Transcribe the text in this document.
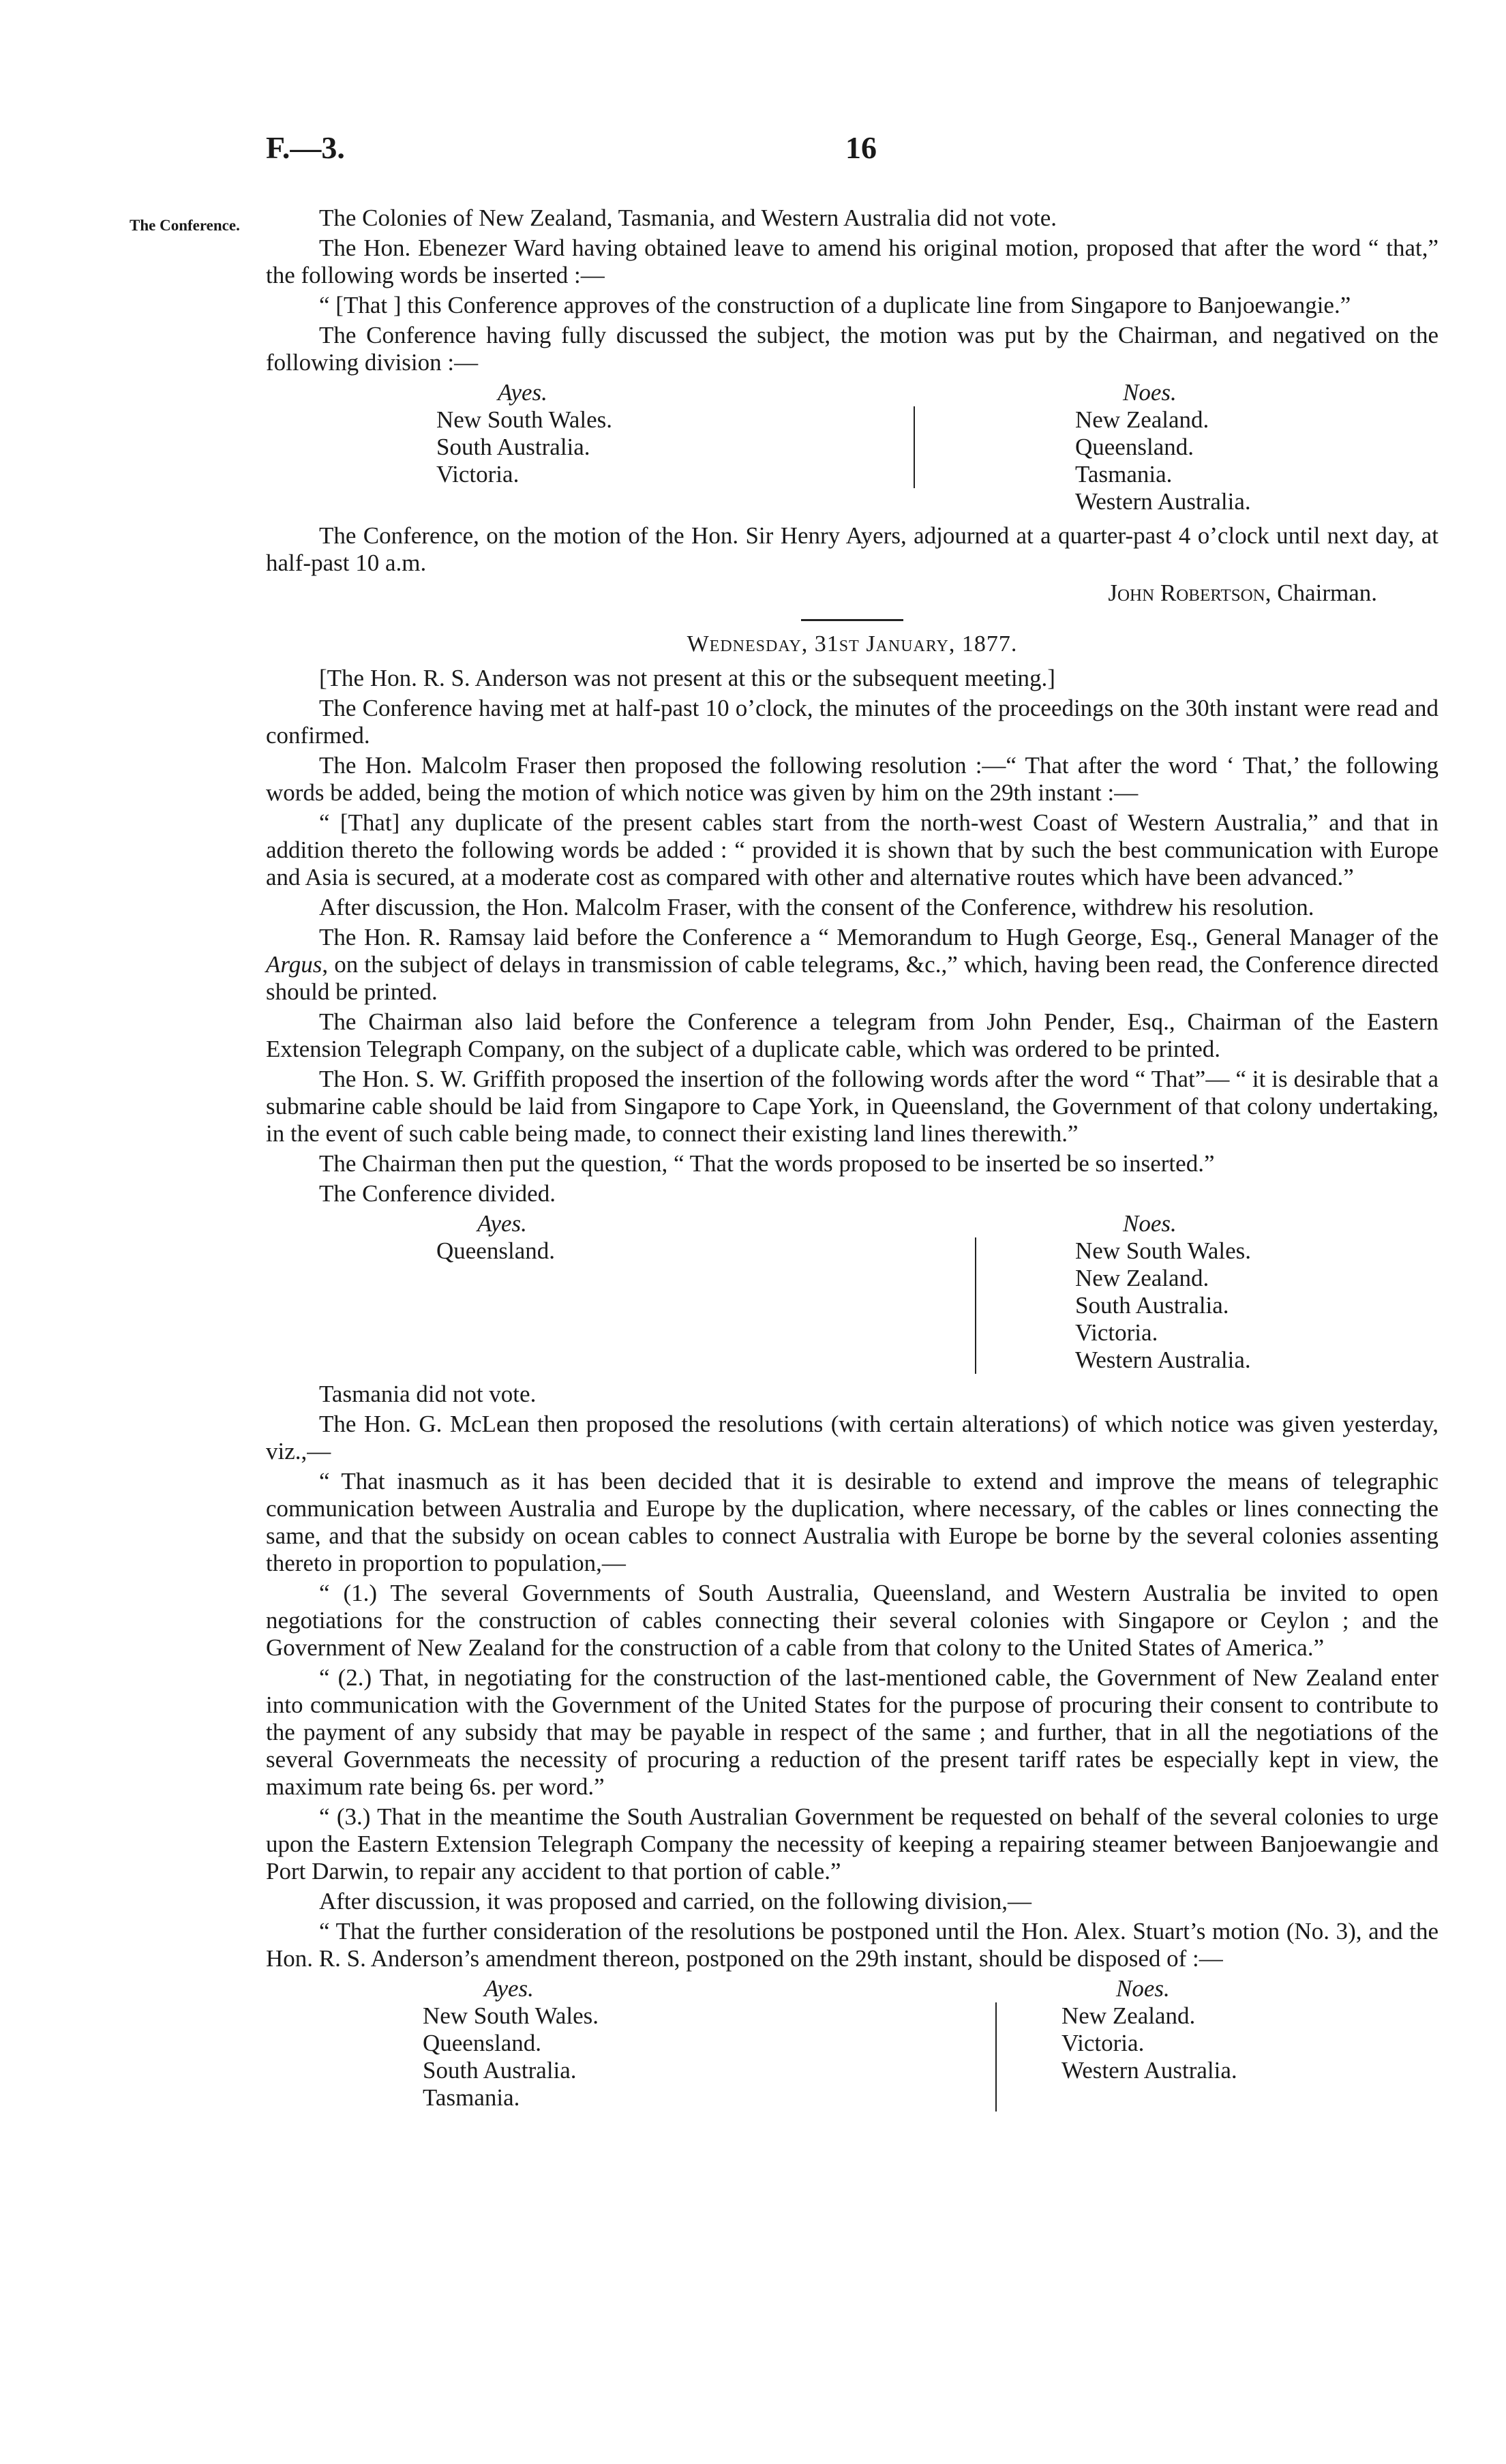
F.—3.	16
The Conference.	The Colonies of New Zealand, Tasmania, and Western Australia did not vote.

The Hon. Ebenezer Ward having obtained leave to amend his original motion, proposed that after the word “ that,” the following words be inserted :—

“ [That ] this Conference approves of the construction of a duplicate line from Singapore to Banjoewangie.”

The Conference having fully discussed the subject, the motion was put by the Chairman, and negatived on the following division :—

Ayes.
New South Wales.
South Australia.
Victoria.
Noes.
New Zealand.
Queensland.
Tasmania.
Western Australia.

The Conference, on the motion of the Hon. Sir Henry Ayers, adjourned at a quarter-past 4 o’clock until next day, at half-past 10 a.m.

John Robertson, Chairman.
Wednesday, 31st January, 1877.

[The Hon. R. S. Anderson was not present at this or the subsequent meeting.]

The Conference having met at half-past 10 o’clock, the minutes of the proceedings on the 30th instant were read and confirmed.

The Hon. Malcolm Fraser then proposed the following resolution :—“ That after the word ‘ That,’ the following words be added, being the motion of which notice was given by him on the 29th instant :—

“ [That] any duplicate of the present cables start from the north-west Coast of Western Australia,” and that in addition thereto the following words be added : “ provided it is shown that by such the best communication with Europe and Asia is secured, at a moderate cost as compared with other and alternative routes which have been advanced.”

After discussion, the Hon. Malcolm Fraser, with the consent of the Conference, withdrew his resolution.

The Hon. R. Ramsay laid before the Conference a “ Memorandum to Hugh George, Esq., General Manager of the Argus, on the subject of delays in transmission of cable telegrams, &c.,” which, having been read, the Conference directed should be printed.

The Chairman also laid before the Conference a telegram from John Pender, Esq., Chairman of the Eastern Extension Telegraph Company, on the subject of a duplicate cable, which was ordered to be printed.

The Hon. S. W. Griffith proposed the insertion of the following words after the word “ That”— “ it is desirable that a submarine cable should be laid from Singapore to Cape York, in Queensland, the Government of that colony undertaking, in the event of such cable being made, to connect their existing land lines therewith.”

The Chairman then put the question, “ That the words proposed to be inserted be so inserted.”

The Conference divided.

Ayes.
Queensland.
Noes.
New South Wales.
New Zealand.
South Australia.
Victoria.
Western Australia.

Tasmania did not vote.

The Hon. G. McLean then proposed the resolutions (with certain alterations) of which notice was given yesterday, viz.,—

“ That inasmuch as it has been decided that it is desirable to extend and improve the means of telegraphic communication between Australia and Europe by the duplication, where necessary, of the cables or lines connecting the same, and that the subsidy on ocean cables to connect Australia with Europe be borne by the several colonies assenting thereto in proportion to population,—

“ (1.) The several Governments of South Australia, Queensland, and Western Australia be invited to open negotiations for the construction of cables connecting their several colonies with Singapore or Ceylon ; and the Government of New Zealand for the construction of a cable from that colony to the United States of America.”

“ (2.) That, in negotiating for the construction of the last-mentioned cable, the Government of New Zealand enter into communication with the Government of the United States for the purpose of procuring their consent to contribute to the payment of any subsidy that may be payable in respect of the same ; and further, that in all the negotiations of the several Governmeats the necessity of procuring a reduction of the present tariff rates be especially kept in view, the maximum rate being 6s. per word.”

“ (3.) That in the meantime the South Australian Government be requested on behalf of the several colonies to urge upon the Eastern Extension Telegraph Company the necessity of keeping a repairing steamer between Banjoewangie and Port Darwin, to repair any accident to that portion of cable.”

After discussion, it was proposed and carried, on the following division,—

“ That the further consideration of the resolutions be postponed until the Hon. Alex. Stuart’s motion (No. 3), and the Hon. R. S. Anderson’s amendment thereon, postponed on the 29th instant, should be disposed of :—

Ayes.
New South Wales.
Queensland.
South Australia.
Tasmania.
Noes.
New Zealand.
Victoria.
Western Australia.
